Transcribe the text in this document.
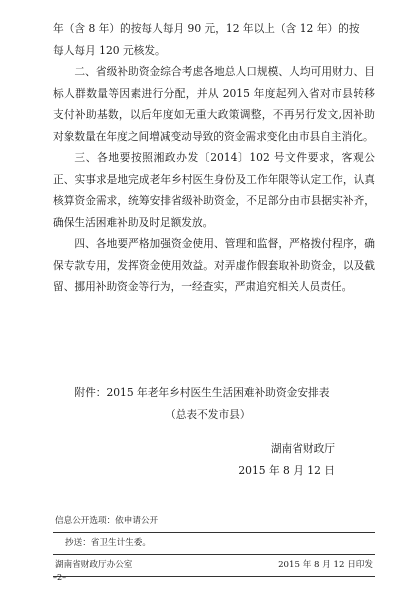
年（含 8 年）的按每人每月 90 元，12 年以上（含 12 年）的按

每人每月 120 元核发。

二、省级补助资金综合考虑各地总人口规模、人均可用财力、目标人群数量等因素进行分配，并从 2015 年度起列入省对市县转移支付补助基数，以后年度如无重大政策调整，不再另行发文,因补助对象数量在年度之间增减变动导致的资金需求变化由市县自主消化。

三、各地要按照湘政办发〔2014〕102 号文件要求，客观公正、实事求是地完成老年乡村医生身份及工作年限等认定工作，认真核算资金需求，统筹安排省级补助资金，不足部分由市县据实补齐，确保生活困难补助及时足额发放。

四、各地要严格加强资金使用、管理和监督，严格拨付程序，确保专款专用，发挥资金使用效益。对弄虚作假套取补助资金，以及截留、挪用补助资金等行为，一经查实，严肃追究相关人员责任。

附件：2015 年老年乡村医生生活困难补助资金安排表
（总表不发市县）
湖南省财政厅
2015 年 8 月 12 日
信息公开选项：依申请公开
抄送：省卫生计生委。
湖南省财政厅办公室	2015 年 8 月 12 日印发
–2–
